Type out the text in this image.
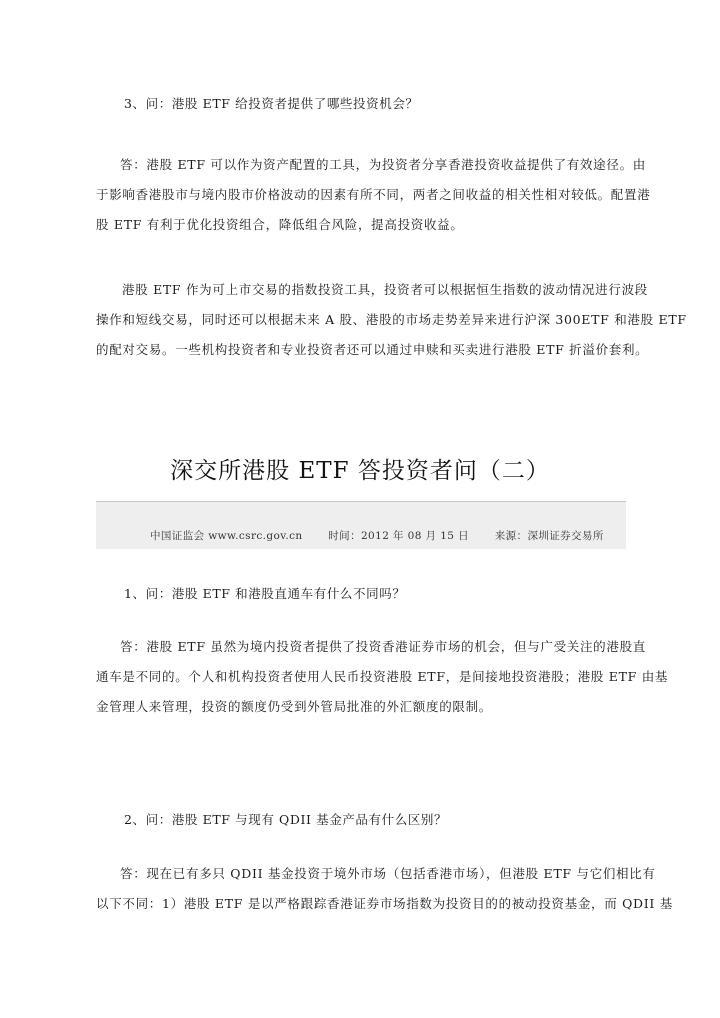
3、问：港股 ETF 给投资者提供了哪些投资机会？
答：港股 ETF 可以作为资产配置的工具，为投资者分享香港投资收益提供了有效途径。由
于影响香港股市与境内股市价格波动的因素有所不同，两者之间收益的相关性相对较低。配置港
股 ETF 有利于优化投资组合，降低组合风险，提高投资收益。
港股 ETF 作为可上市交易的指数投资工具，投资者可以根据恒生指数的波动情况进行波段
操作和短线交易，同时还可以根据未来 A 股、港股的市场走势差异来进行沪深 300ETF 和港股 ETF
的配对交易。一些机构投资者和专业投资者还可以通过申赎和买卖进行港股 ETF 折溢价套利。
深交所港股 ETF 答投资者问（二）
中国证监会 www.csrc.gov.cn 时间：2012 年 08 月 15 日 来源：深圳证券交易所
1、问：港股 ETF 和港股直通车有什么不同吗？
答：港股 ETF 虽然为境内投资者提供了投资香港证券市场的机会，但与广受关注的港股直
通车是不同的。个人和机构投资者使用人民币投资港股 ETF，是间接地投资港股；港股 ETF 由基
金管理人来管理，投资的额度仍受到外管局批准的外汇额度的限制。
2、问：港股 ETF 与现有 QDII 基金产品有什么区别？
答：现在已有多只 QDII 基金投资于境外市场（包括香港市场），但港股 ETF 与它们相比有
以下不同：1）港股 ETF 是以严格跟踪香港证券市场指数为投资目的的被动投资基金，而 QDII 基
